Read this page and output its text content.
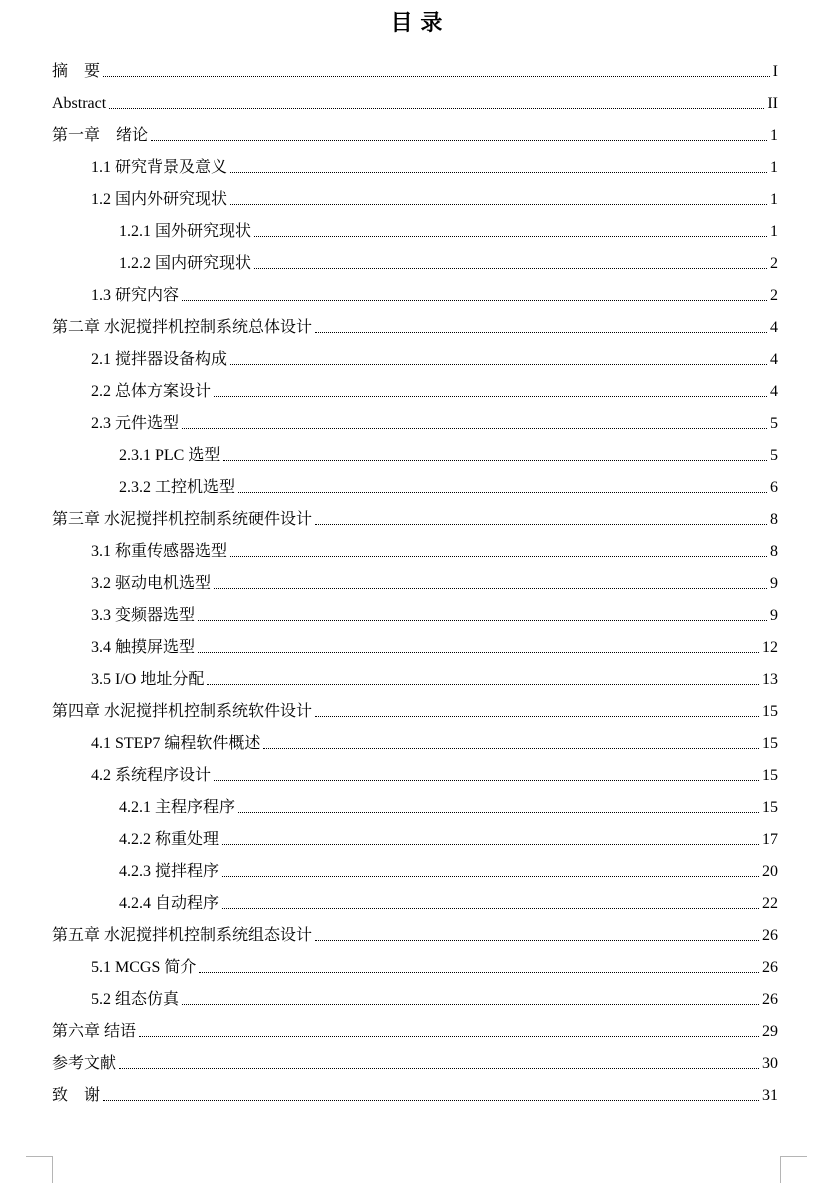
目 录
摘　要	I
Abstract	II
第一章　绪论	1
1.1 研究背景及意义	1
1.2 国内外研究现状	1
1.2.1 国外研究现状	1
1.2.2 国内研究现状	2
1.3 研究内容	2
第二章 水泥搅拌机控制系统总体设计	4
2.1 搅拌器设备构成	4
2.2 总体方案设计	4
2.3 元件选型	5
2.3.1 PLC 选型	5
2.3.2 工控机选型	6
第三章 水泥搅拌机控制系统硬件设计	8
3.1 称重传感器选型	8
3.2 驱动电机选型	9
3.3 变频器选型	9
3.4 触摸屏选型	12
3.5 I/O 地址分配	13
第四章 水泥搅拌机控制系统软件设计	15
4.1 STEP7 编程软件概述	15
4.2 系统程序设计	15
4.2.1 主程序程序	15
4.2.2 称重处理	17
4.2.3 搅拌程序	20
4.2.4 自动程序	22
第五章 水泥搅拌机控制系统组态设计	26
5.1 MCGS 简介	26
5.2 组态仿真	26
第六章 结语	29
参考文献	30
致　谢	31
